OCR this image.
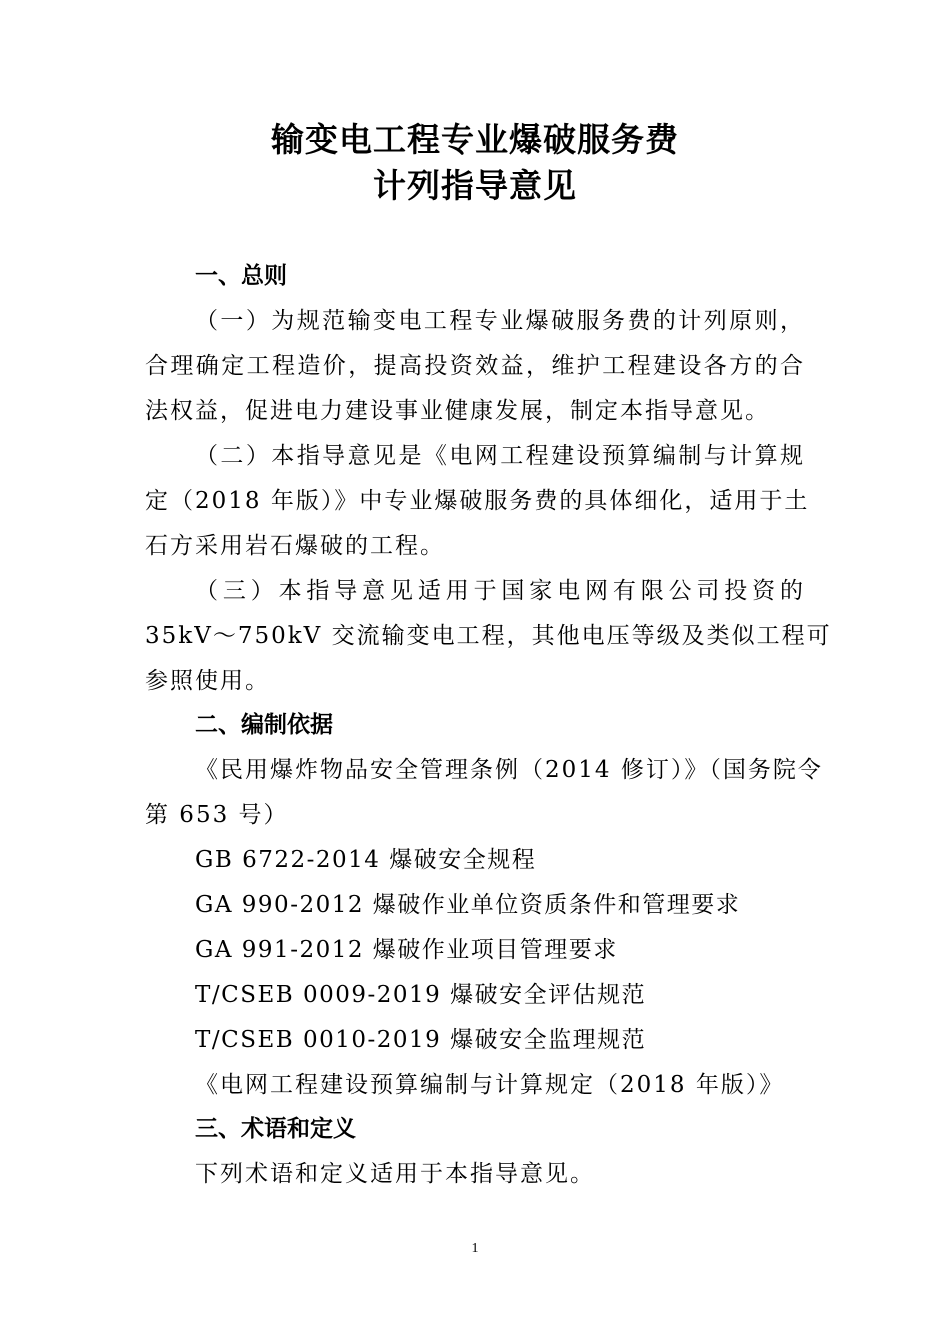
输变电工程专业爆破服务费
计列指导意见
一、总则

（一）为规范输变电工程专业爆破服务费的计列原则，

合理确定工程造价，提高投资效益，维护工程建设各方的合

法权益，促进电力建设事业健康发展，制定本指导意见。

（二）本指导意见是《电网工程建设预算编制与计算规

定（2018 年版）》中专业爆破服务费的具体细化，适用于土

石方采用岩石爆破的工程。

（三）本指导意见适用于国家电网有限公司投资的

35kV～750kV 交流输变电工程，其他电压等级及类似工程可

参照使用。

二、编制依据

《民用爆炸物品安全管理条例（2014 修订）》（国务院令

第 653 号）

GB 6722-2014 爆破安全规程

GA 990-2012 爆破作业单位资质条件和管理要求

GA 991-2012 爆破作业项目管理要求

T/CSEB 0009-2019 爆破安全评估规范

T/CSEB 0010-2019 爆破安全监理规范

《电网工程建设预算编制与计算规定（2018 年版）》

三、术语和定义

下列术语和定义适用于本指导意见。

1
